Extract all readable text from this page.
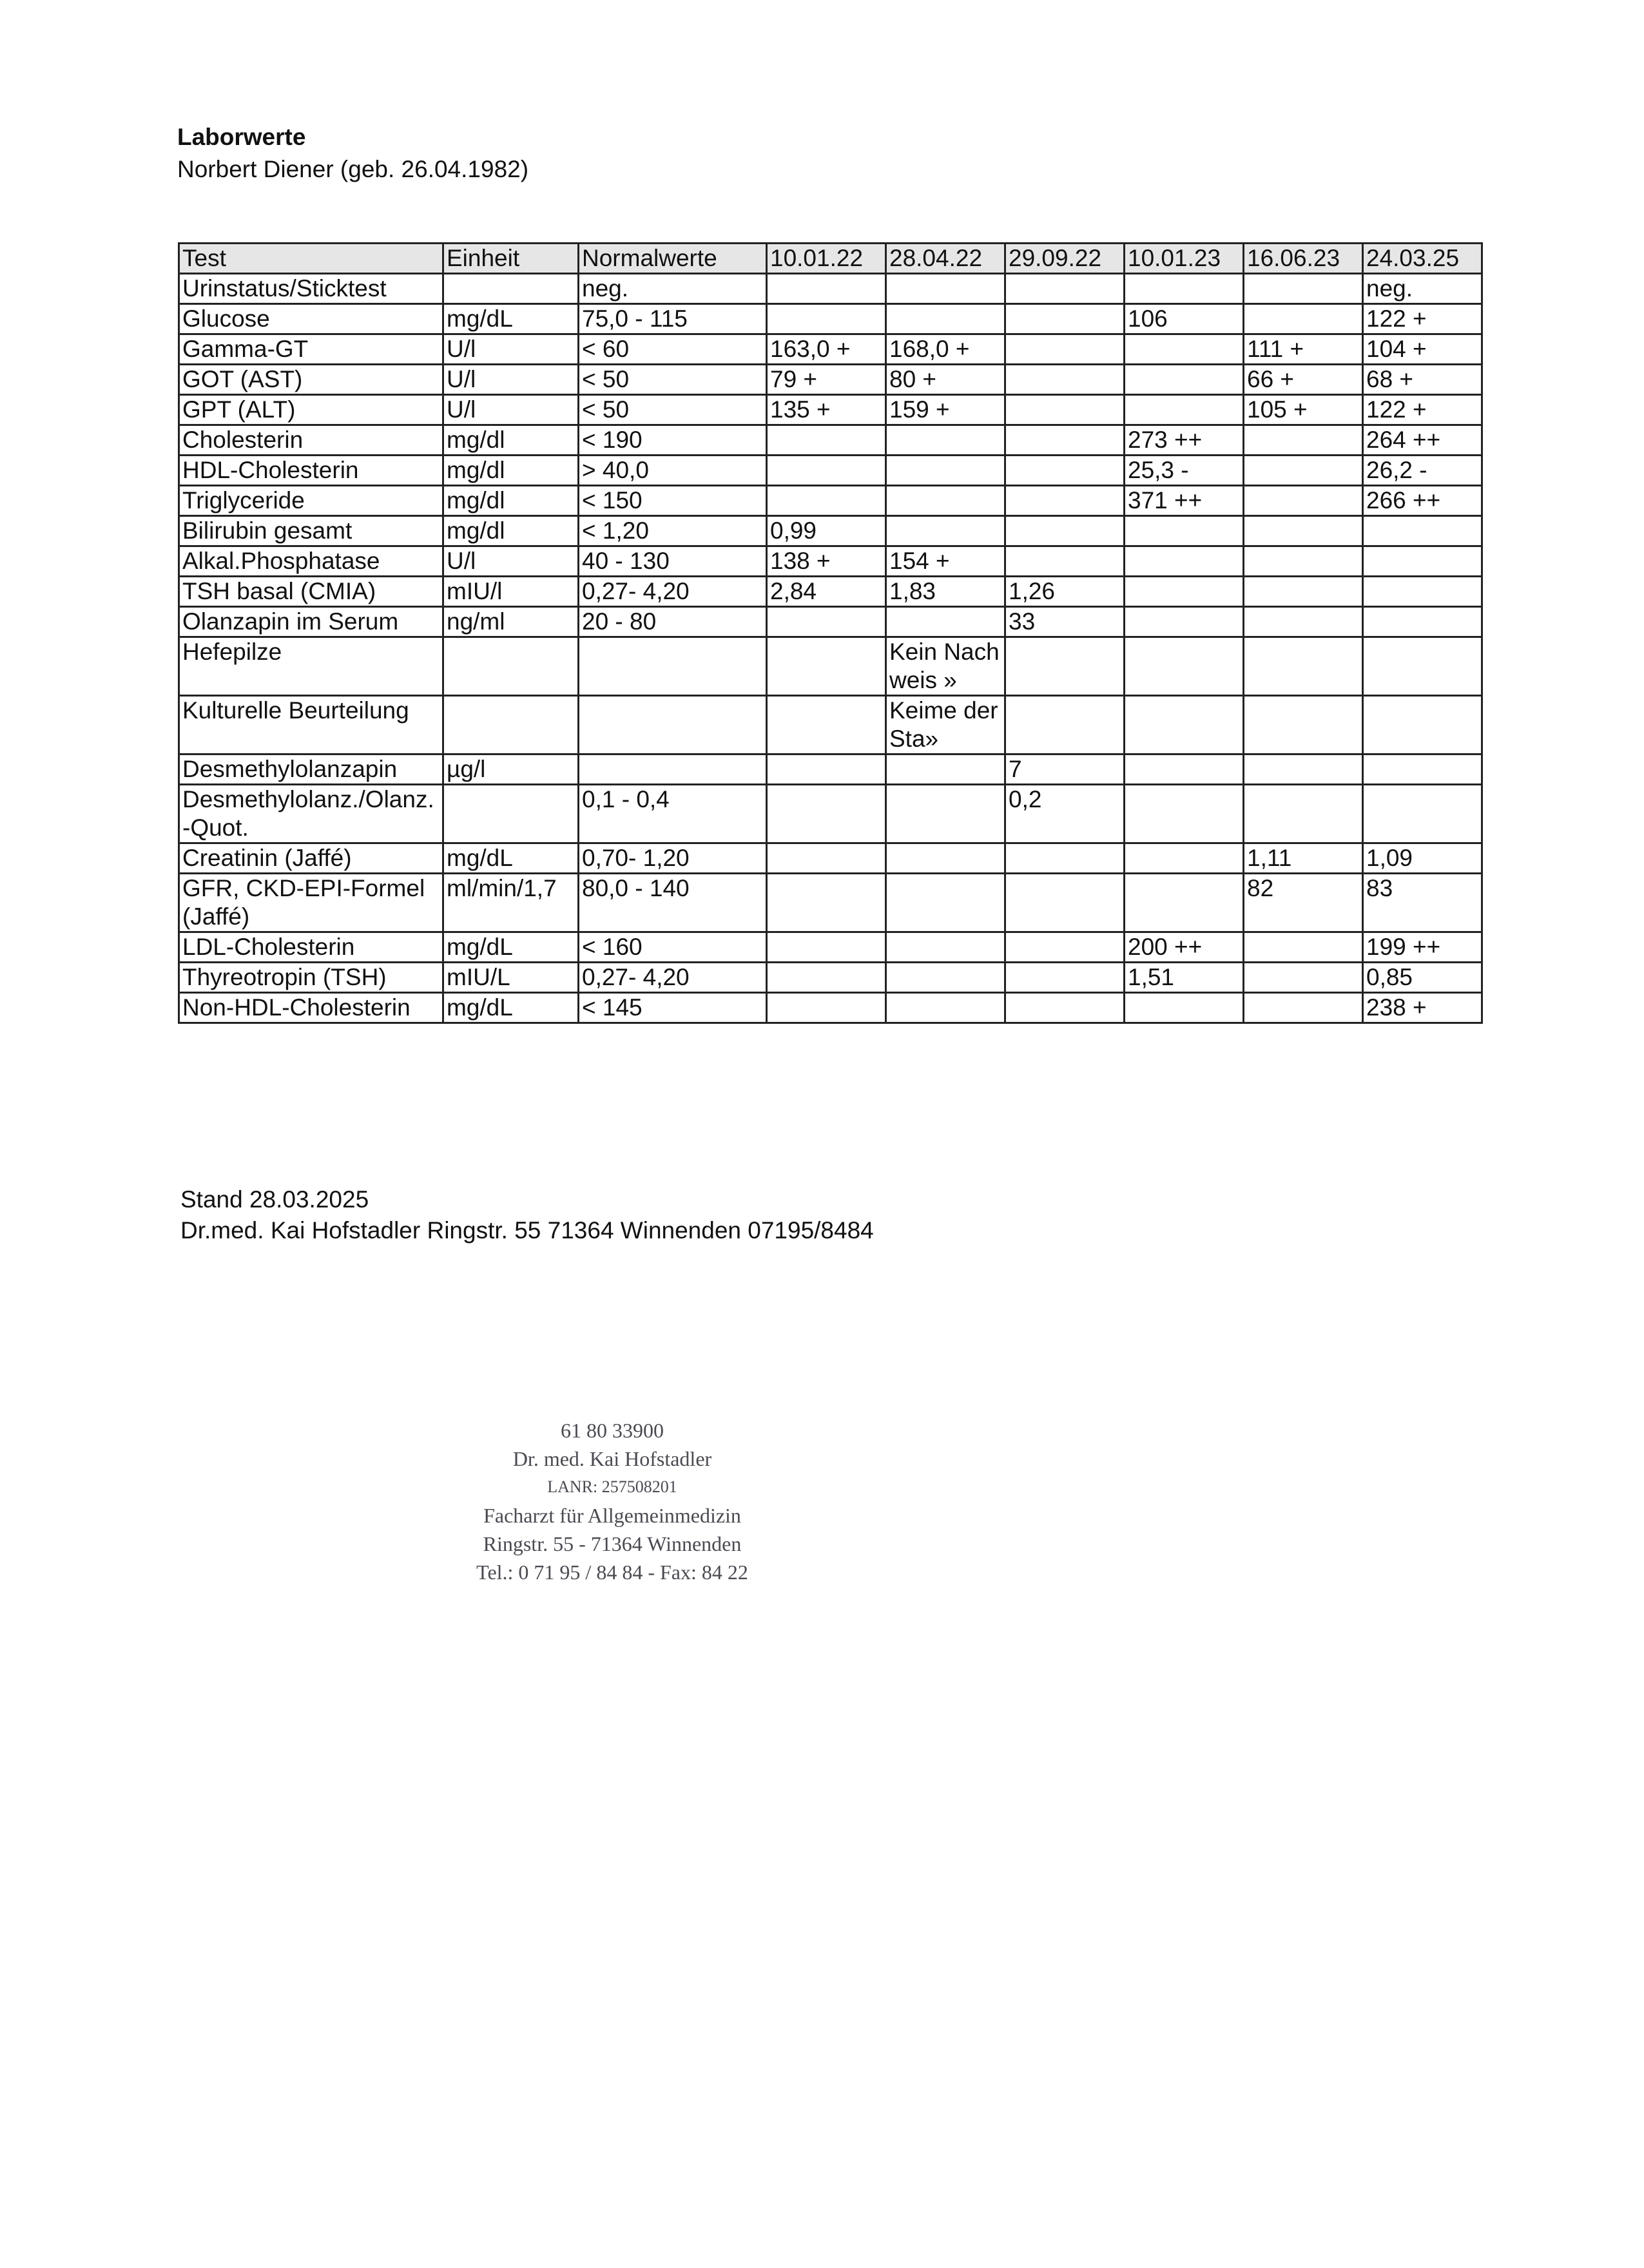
Laborwerte
Norbert Diener (geb. 26.04.1982)
Test	Einheit	Normalwerte	10.01.22	28.04.22	29.09.22	10.01.23	16.06.23	24.03.25
Urinstatus/Sticktest		neg.						neg.
Glucose	mg/dL	75,0 - 115				106		122 +
Gamma-GT	U/l	< 60	163,0 +	168,0 +			111 +	104 +
GOT (AST)	U/l	< 50	79 +	80 +			66 +	68 +
GPT (ALT)	U/l	< 50	135 +	159 +			105 +	122 +
Cholesterin	mg/dl	< 190				273 ++		264 ++
HDL-Cholesterin	mg/dl	> 40,0				25,3 -		26,2 -
Triglyceride	mg/dl	< 150				371 ++		266 ++
Bilirubin gesamt	mg/dl	< 1,20	0,99					
Alkal.Phosphatase	U/l	40 - 130	138 +	154 +				
TSH basal (CMIA)	mIU/l	0,27- 4,20	2,84	1,83	1,26			
Olanzapin im Serum	ng/ml	20 - 80			33			
Hefepilze				Kein Nachweis »				
Kulturelle Beurteilung				Keime der Sta»				
Desmethylolanzapin	µg/l				7			
Desmethylolanz./Olanz.-Quot.		0,1 - 0,4			0,2			
Creatinin (Jaffé)	mg/dL	0,70- 1,20					1,11	1,09
GFR, CKD-EPI-Formel (Jaffé)	ml/min/1,7	80,0 - 140					82	83
LDL-Cholesterin	mg/dL	< 160				200 ++		199 ++
Thyreotropin (TSH)	mIU/L	0,27- 4,20				1,51		0,85
Non-HDL-Cholesterin	mg/dL	< 145						238 +
Stand 28.03.2025
Dr.med. Kai Hofstadler Ringstr. 55 71364 Winnenden 07195/8484
61 80 33900
Dr. med. Kai Hofstadler
LANR: 257508201
Facharzt für Allgemeinmedizin
Ringstr. 55 - 71364 Winnenden
Tel.: 0 71 95 / 84 84 - Fax: 84 22
